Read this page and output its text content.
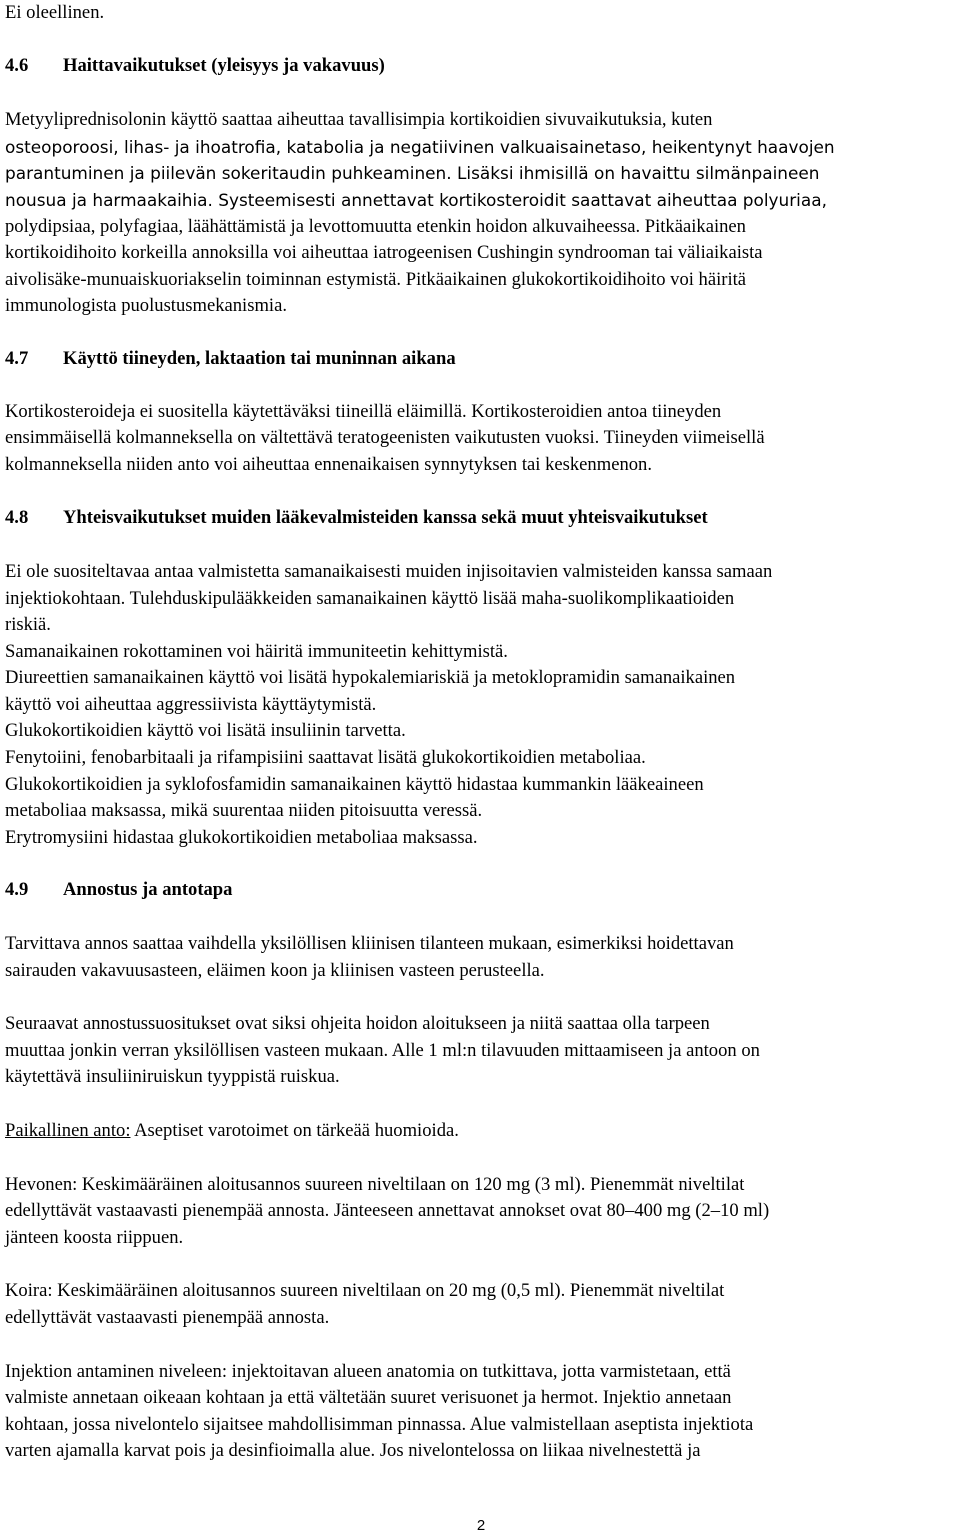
Ei oleellinen.

4.6	Haittavaikutukset (yleisyys ja vakavuus)

Metyyliprednisolonin käyttö saattaa aiheuttaa tavallisimpia kortikoidien sivuvaikutuksia, kuten
osteoporoosi, lihas- ja ihoatrofia, katabolia ja negatiivinen valkuaisainetaso, heikentynyt haavojen
parantuminen ja piilevän sokeritaudin puhkeaminen. Lisäksi ihmisillä on havaittu silmänpaineen
nousua ja harmaakaihia. Systeemisesti annettavat kortikosteroidit saattavat aiheuttaa polyuriaa,
polydipsiaa, polyfagiaa, läähättämistä ja levottomuutta etenkin hoidon alkuvaiheessa. Pitkäaikainen
kortikoidihoito korkeilla annoksilla voi aiheuttaa iatrogeenisen Cushingin syndrooman tai väliaikaista
aivolisäke-munuaiskuoriakselin toiminnan estymistä. Pitkäaikainen glukokortikoidihoito voi häiritä
immunologista puolustusmekanismia.

4.7	Käyttö tiineyden, laktaation tai muninnan aikana

Kortikosteroideja ei suositella käytettäväksi tiineillä eläimillä. Kortikosteroidien antoa tiineyden
ensimmäisellä kolmanneksella on vältettävä teratogeenisten vaikutusten vuoksi. Tiineyden viimeisellä
kolmanneksella niiden anto voi aiheuttaa ennenaikaisen synnytyksen tai keskenmenon.

4.8	Yhteisvaikutukset muiden lääkevalmisteiden kanssa sekä muut yhteisvaikutukset

Ei ole suositeltavaa antaa valmistetta samanaikaisesti muiden injisoitavien valmisteiden kanssa samaan
injektiokohtaan. Tulehduskipulääkkeiden samanaikainen käyttö lisää maha-suolikomplikaatioiden
riskiä.
Samanaikainen rokottaminen voi häiritä immuniteetin kehittymistä.
Diureettien samanaikainen käyttö voi lisätä hypokalemiariskiä ja metoklopramidin samanaikainen
käyttö voi aiheuttaa aggressiivista käyttäytymistä.
Glukokortikoidien käyttö voi lisätä insuliinin tarvetta.
Fenytoiini, fenobarbitaali ja rifampisiini saattavat lisätä glukokortikoidien metaboliaa.
Glukokortikoidien ja syklofosfamidin samanaikainen käyttö hidastaa kummankin lääkeaineen
metaboliaa maksassa, mikä suurentaa niiden pitoisuutta veressä.
Erytromysiini hidastaa glukokortikoidien metaboliaa maksassa.

4.9	Annostus ja antotapa

Tarvittava annos saattaa vaihdella yksilöllisen kliinisen tilanteen mukaan, esimerkiksi hoidettavan
sairauden vakavuusasteen, eläimen koon ja kliinisen vasteen perusteella.

Seuraavat annostussuositukset ovat siksi ohjeita hoidon aloitukseen ja niitä saattaa olla tarpeen
muuttaa jonkin verran yksilöllisen vasteen mukaan. Alle 1 ml:n tilavuuden mittaamiseen ja antoon on
käytettävä insuliiniruiskun tyyppistä ruiskua.

Paikallinen anto: Aseptiset varotoimet on tärkeää huomioida.

Hevonen: Keskimääräinen aloitusannos suureen niveltilaan on 120 mg (3 ml). Pienemmät niveltilat
edellyttävät vastaavasti pienempää annosta. Jänteeseen annettavat annokset ovat 80–400 mg (2–10 ml)
jänteen koosta riippuen.

Koira: Keskimääräinen aloitusannos suureen niveltilaan on 20 mg (0,5 ml). Pienemmät niveltilat
edellyttävät vastaavasti pienempää annosta.

Injektion antaminen niveleen: injektoitavan alueen anatomia on tutkittava, jotta varmistetaan, että
valmiste annetaan oikeaan kohtaan ja että vältetään suuret verisuonet ja hermot. Injektio annetaan
kohtaan, jossa nivelontelo sijaitsee mahdollisimman pinnassa. Alue valmistellaan aseptista injektiota
varten ajamalla karvat pois ja desinfioimalla alue. Jos nivelontelossa on liikaa nivelnestettä ja

2
